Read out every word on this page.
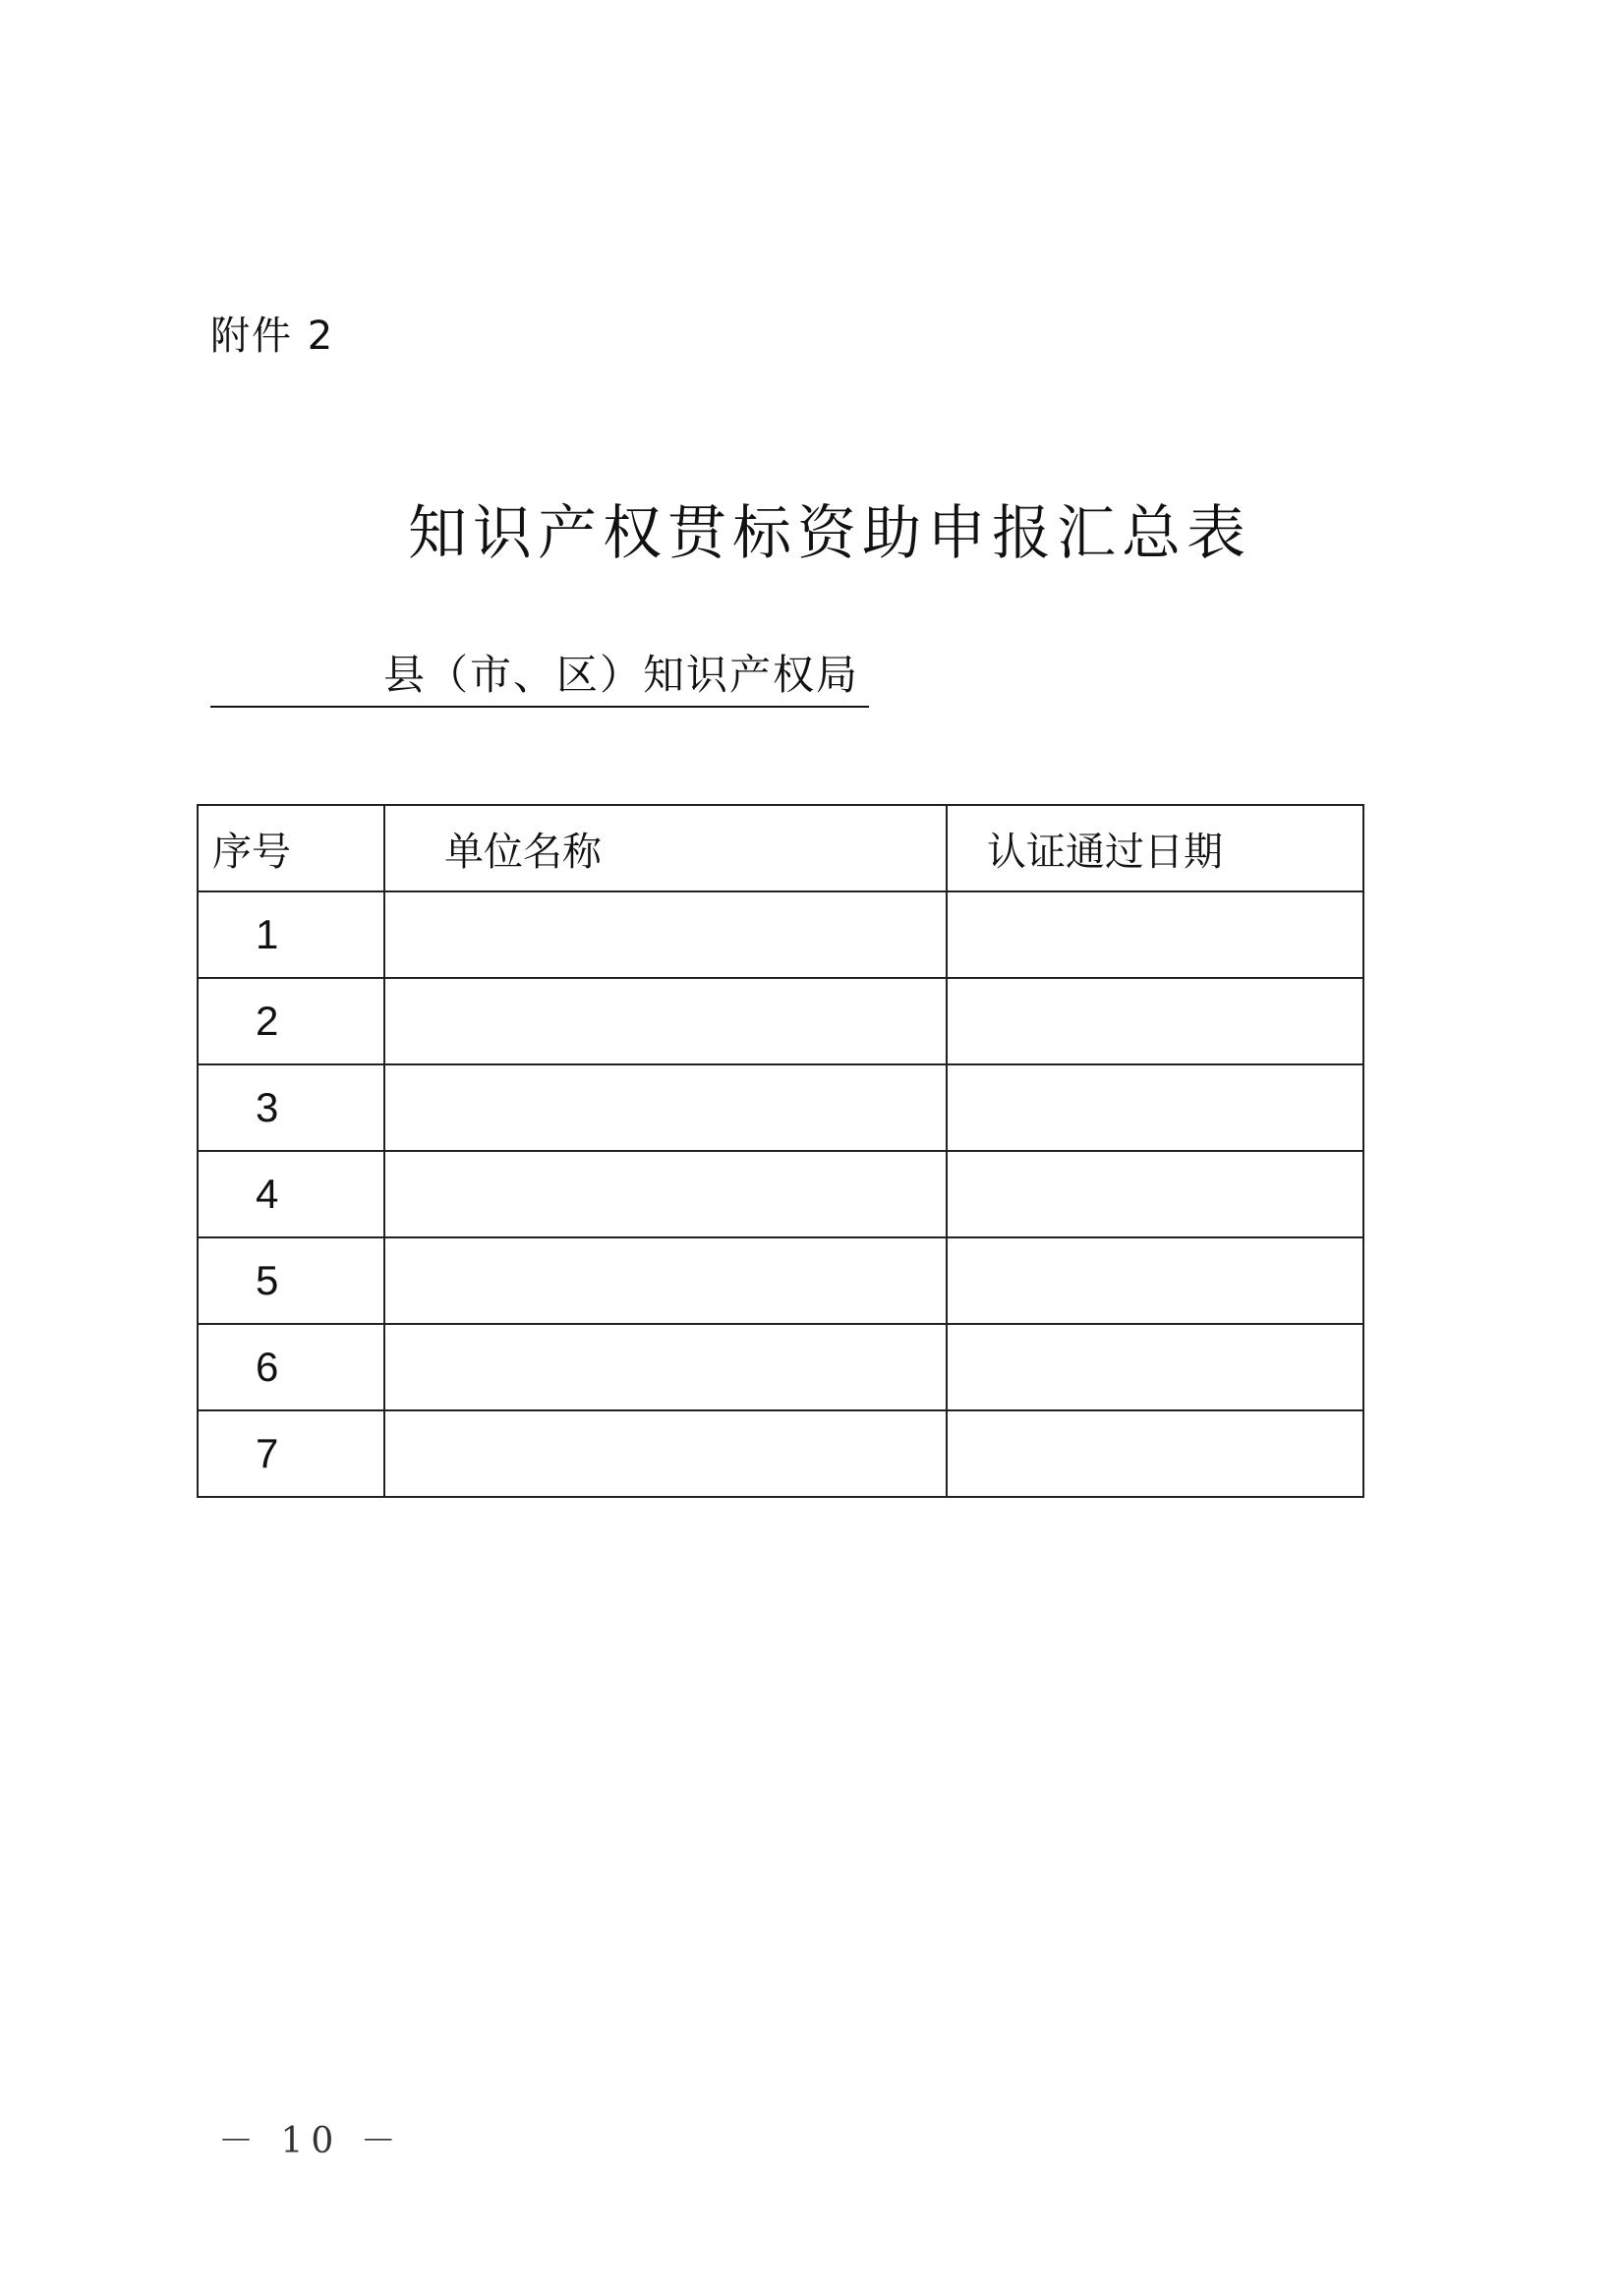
附件 2
知识产权贯标资助申报汇总表
县（市、区）知识产权局
序号	单位名称	认证通过日期
1		
2		
3		
4		
5		
6		
7		
－ 10 －
